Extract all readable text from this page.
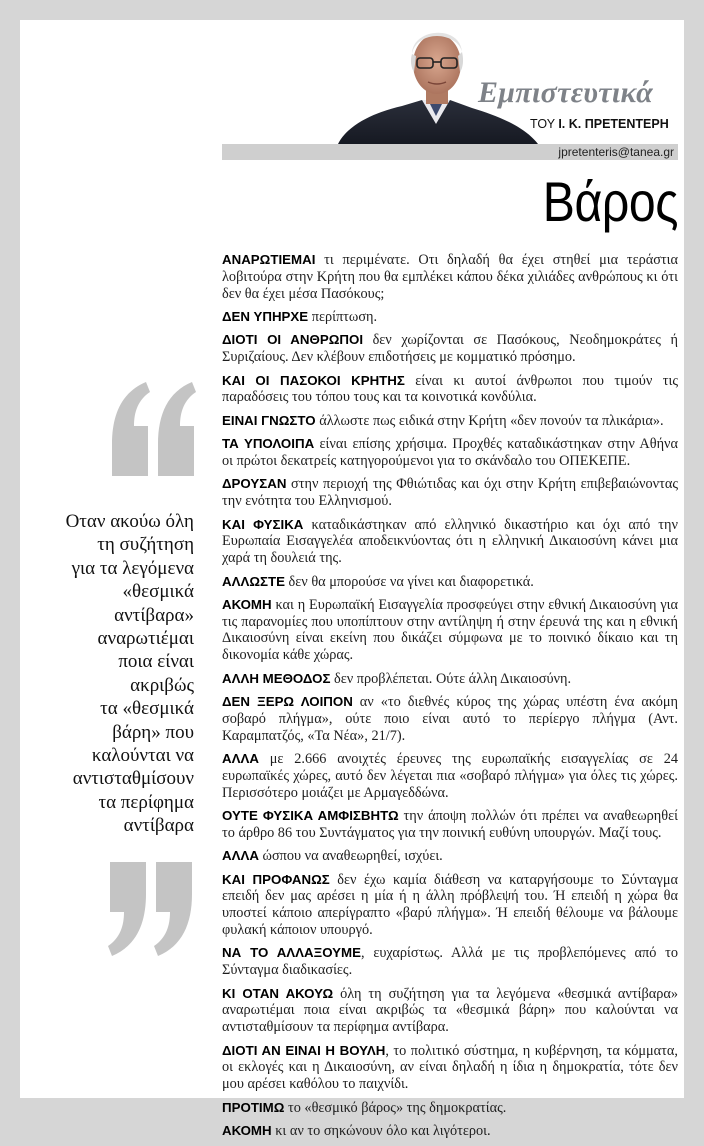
Εμπιστευτικά
ΤΟΥ Ι. Κ. ΠΡΕΤΕΝΤΕΡΗ
jpretenteris@tanea.gr
Βάρος
Οταν ακούω όλη
τη συζήτηση
για τα λεγόμενα
«θεσμικά
αντίβαρα»
αναρωτιέμαι
ποια είναι
ακριβώς
τα «θεσμικά
βάρη» που
καλούνται να
αντισταθμίσουν
τα περίφημα
αντίβαρα

ΑΝΑΡΩΤΙΕΜΑΙ τι περιμένατε. Οτι δηλαδή θα έχει στηθεί μια τεράστια λοβιτούρα στην Κρήτη που θα εμπλέκει κάπου δέκα χιλιάδες ανθρώπους κι ότι δεν θα έχει μέσα Πασόκους;

ΔΕΝ ΥΠΗΡΧΕ περίπτωση.

ΔΙΟΤΙ ΟΙ ΑΝΘΡΩΠΟΙ δεν χωρίζονται σε Πασόκους, Νεοδημοκράτες ή Συριζαίους. Δεν κλέβουν επιδοτήσεις με κομματικό πρόσημο.

ΚΑΙ ΟΙ ΠΑΣΟΚΟΙ ΚΡΗΤΗΣ είναι κι αυτοί άνθρωποι που τιμούν τις παραδόσεις του τόπου τους και τα κοινοτικά κονδύλια.

ΕΙΝΑΙ ΓΝΩΣΤΟ άλλωστε πως ειδικά στην Κρήτη «δεν πονούν τα πλικάρια».

ΤΑ ΥΠΟΛΟΙΠΑ είναι επίσης χρήσιμα. Προχθές καταδικάστηκαν στην Αθήνα οι πρώτοι δεκατρείς κατηγορούμενοι για το σκάνδαλο του ΟΠΕΚΕΠΕ.

ΔΡΟΥΣΑΝ στην περιοχή της Φθιώτιδας και όχι στην Κρήτη επιβεβαιώνοντας την ενότητα του Ελληνισμού.

ΚΑΙ ΦΥΣΙΚΑ καταδικάστηκαν από ελληνικό δικαστήριο και όχι από την Ευρωπαία Εισαγγελέα αποδεικνύοντας ότι η ελληνική Δικαιοσύνη κάνει μια χαρά τη δουλειά της.

ΑΛΛΩΣΤΕ δεν θα μπορούσε να γίνει και διαφορετικά.

ΑΚΟΜΗ και η Ευρωπαϊκή Εισαγγελία προσφεύγει στην εθνική Δικαιοσύνη για τις παρανομίες που υποπίπτουν στην αντίληψη ή στην έρευνά της και η εθνική Δικαιοσύνη είναι εκείνη που δικάζει σύμφωνα με το ποινικό δίκαιο και τη δικονομία κάθε χώρας.

ΑΛΛΗ ΜΕΘΟΔΟΣ δεν προβλέπεται. Ούτε άλλη Δικαιοσύνη.

ΔΕΝ ΞΕΡΩ ΛΟΙΠΟΝ αν «το διεθνές κύρος της χώρας υπέστη ένα ακόμη σοβαρό πλήγμα», ούτε ποιο είναι αυτό το περίεργο πλήγμα (Αντ. Καραμπατζός, «Τα Νέα», 21/7).

ΑΛΛΑ με 2.666 ανοιχτές έρευνες της ευρωπαϊκής εισαγγελίας σε 24 ευρωπαϊκές χώρες, αυτό δεν λέγεται πια «σοβαρό πλήγμα» για όλες τις χώρες. Περισσότερο μοιάζει με Αρμαγεδδώνα.

ΟΥΤΕ ΦΥΣΙΚΑ ΑΜΦΙΣΒΗΤΩ την άποψη πολλών ότι πρέπει να αναθεωρηθεί το άρθρο 86 του Συντάγματος για την ποινική ευθύνη υπουργών. Μαζί τους.

ΑΛΛΑ ώσπου να αναθεωρηθεί, ισχύει.

ΚΑΙ ΠΡΟΦΑΝΩΣ δεν έχω καμία διάθεση να καταργήσουμε το Σύνταγμα επειδή δεν μας αρέσει η μία ή η άλλη πρόβλεψή του. Ή επειδή η χώρα θα υποστεί κάποιο απερίγραπτο «βαρύ πλήγμα». Ή επειδή θέλουμε να βάλουμε φυλακή κάποιον υπουργό.

ΝΑ ΤΟ ΑΛΛΑΞΟΥΜΕ, ευχαρίστως. Αλλά με τις προβλεπόμενες από το Σύνταγμα διαδικασίες.

ΚΙ ΟΤΑΝ ΑΚΟΥΩ όλη τη συζήτηση για τα λεγόμενα «θεσμικά αντίβαρα» αναρωτιέμαι ποια είναι ακριβώς τα «θεσμικά βάρη» που καλούνται να αντισταθμίσουν τα περίφημα αντίβαρα.

ΔΙΟΤΙ ΑΝ ΕΙΝΑΙ Η ΒΟΥΛΗ, το πολιτικό σύστημα, η κυβέρνηση, τα κόμματα, οι εκλογές και η Δικαιοσύνη, αν είναι δηλαδή η ίδια η δημοκρατία, τότε δεν μου αρέσει καθόλου το παιχνίδι.

ΠΡΟΤΙΜΩ το «θεσμικό βάρος» της δημοκρατίας.

ΑΚΟΜΗ κι αν το σηκώνουν όλο και λιγότεροι.
